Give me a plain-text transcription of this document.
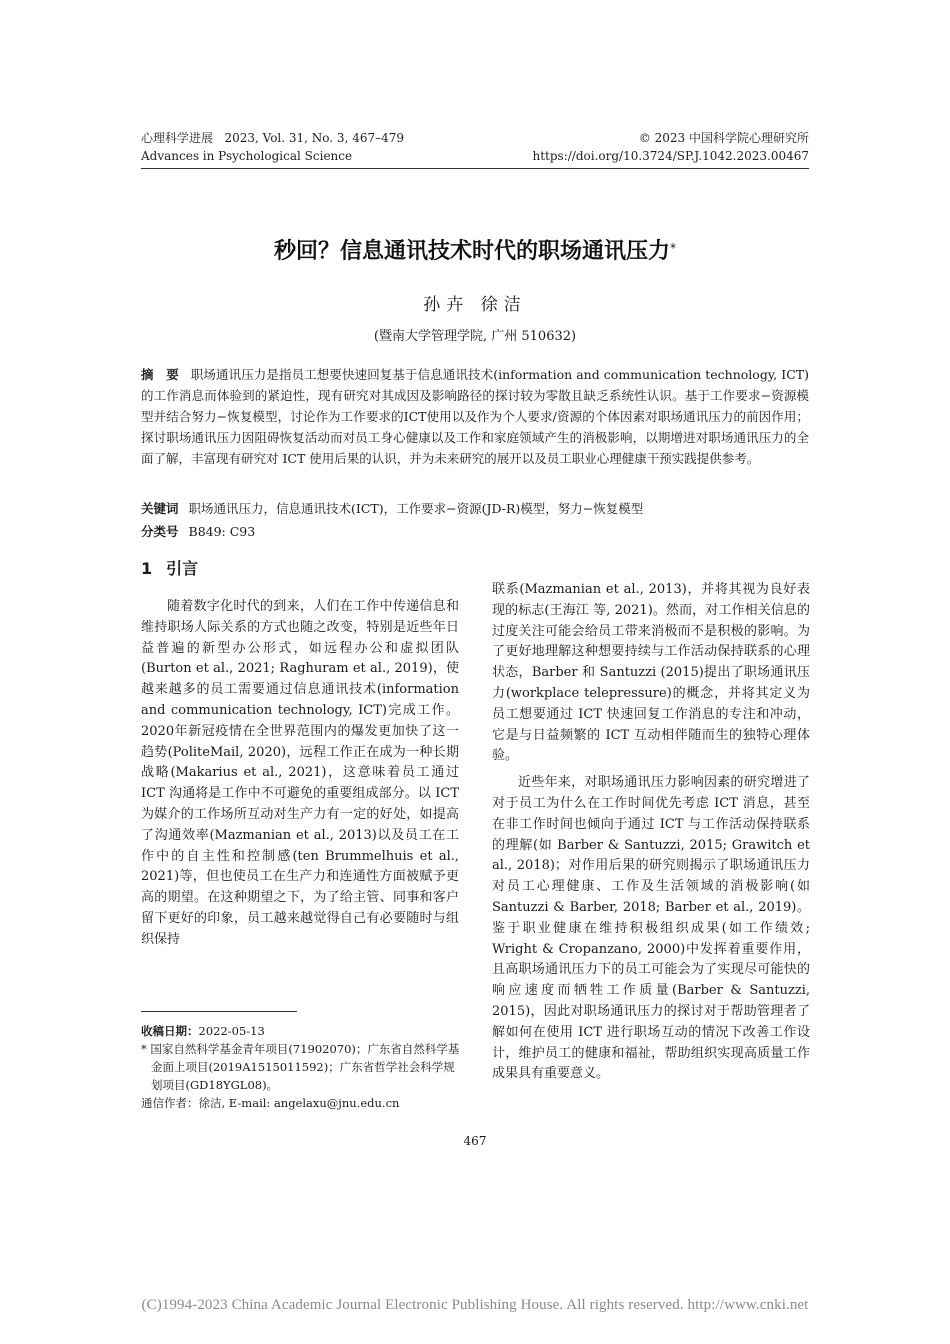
心理科学进展 2023, Vol. 31, No. 3, 467–479
Advances in Psychological Science
© 2023 中国科学院心理研究所
https://doi.org/10.3724/SP.J.1042.2023.00467
秒回？信息通讯技术时代的职场通讯压力*
孙卉 徐洁
(暨南大学管理学院, 广州 510632)
摘　要 职场通讯压力是指员工想要快速回复基于信息通讯技术(information and communication technology, ICT)的工作消息而体验到的紧迫性，现有研究对其成因及影响路径的探讨较为零散且缺乏系统性认识。基于工作要求−资源模型并结合努力−恢复模型，讨论作为工作要求的ICT使用以及作为个人要求/资源的个体因素对职场通讯压力的前因作用；探讨职场通讯压力因阻碍恢复活动而对员工身心健康以及工作和家庭领域产生的消极影响，以期增进对职场通讯压力的全面了解，丰富现有研究对 ICT 使用后果的认识，并为未来研究的展开以及员工职业心理健康干预实践提供参考。
关键词 职场通讯压力，信息通讯技术(ICT)，工作要求−资源(JD-R)模型，努力−恢复模型
分类号 B849: C93
1 引言

随着数字化时代的到来，人们在工作中传递信息和维持职场人际关系的方式也随之改变，特别是近些年日益普遍的新型办公形式，如远程办公和虚拟团队(Burton et al., 2021; Raghuram et al., 2019)，使越来越多的员工需要通过信息通讯技术(information and communication technology, ICT)完成工作。2020年新冠疫情在全世界范围内的爆发更加快了这一趋势(PoliteMail, 2020)，远程工作正在成为一种长期战略(Makarius et al., 2021)，这意味着员工通过 ICT 沟通将是工作中不可避免的重要组成部分。以 ICT 为媒介的工作场所互动对生产力有一定的好处，如提高了沟通效率(Mazmanian et al., 2013)以及员工在工作中的自主性和控制感(ten Brummelhuis et al., 2021)等，但也使员工在生产力和连通性方面被赋予更高的期望。在这种期望之下，为了给主管、同事和客户留下更好的印象，员工越来越觉得自己有必要随时与组织保持

联系(Mazmanian et al., 2013)，并将其视为良好表现的标志(王海江 等, 2021)。然而，对工作相关信息的过度关注可能会给员工带来消极而不是积极的影响。为了更好地理解这种想要持续与工作活动保持联系的心理状态，Barber 和 Santuzzi (2015)提出了职场通讯压力(workplace telepressure)的概念，并将其定义为员工想要通过 ICT 快速回复工作消息的专注和冲动，它是与日益频繁的 ICT 互动相伴随而生的独特心理体验。

近些年来，对职场通讯压力影响因素的研究增进了对于员工为什么在工作时间优先考虑 ICT 消息，甚至在非工作时间也倾向于通过 ICT 与工作活动保持联系的理解(如 Barber & Santuzzi, 2015; Grawitch et al., 2018)；对作用后果的研究则揭示了职场通讯压力对员工心理健康、工作及生活领域的消极影响(如 Santuzzi & Barber, 2018; Barber et al., 2019)。鉴于职业健康在维持积极组织成果(如工作绩效; Wright & Cropanzano, 2000)中发挥着重要作用，且高职场通讯压力下的员工可能会为了实现尽可能快的响应速度而牺牲工作质量(Barber & Santuzzi, 2015)，因此对职场通讯压力的探讨对于帮助管理者了解如何在使用 ICT 进行职场互动的情况下改善工作设计，维护员工的健康和福祉，帮助组织实现高质量工作成果具有重要意义。

收稿日期：2022-05-13

* 国家自然科学基金青年项目(71902070)；广东省自然科学基金面上项目(2019A1515011592)；广东省哲学社会科学规划项目(GD18YGL08)。

通信作者：徐洁, E-mail: angelaxu@jnu.edu.cn

467
(C)1994-2023 China Academic Journal Electronic Publishing House. All rights reserved. http://www.cnki.net
